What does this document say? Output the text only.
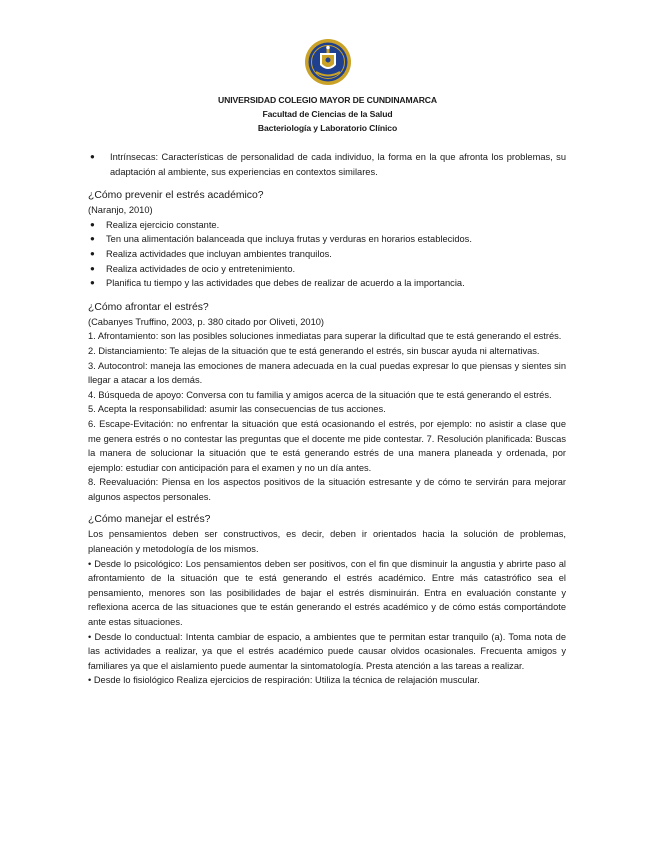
UNIVERSIDAD COLEGIO MAYOR DE CUNDINAMARCA
Facultad de Ciencias de la Salud
Bacteriología y Laboratorio Clínico

● Intrínsecas: Características de personalidad de cada individuo, la forma en la que afronta los problemas, su adaptación al ambiente, sus experiencias en contextos similares.

¿Cómo prevenir el estrés académico?

(Naranjo, 2010)

● Realiza ejercicio constante.

● Ten una alimentación balanceada que incluya frutas y verduras en horarios establecidos.

● Realiza actividades que incluyan ambientes tranquilos.

● Realiza actividades de ocio y entretenimiento.

● Planifica tu tiempo y las actividades que debes de realizar de acuerdo a la importancia.

¿Cómo afrontar el estrés?

(Cabanyes Truffino, 2003, p. 380 citado por Oliveti, 2010)

1. Afrontamiento: son las posibles soluciones inmediatas para superar la dificultad que te está generando el estrés.

2. Distanciamiento: Te alejas de la situación que te está generando el estrés, sin buscar ayuda ni alternativas.

3. Autocontrol: maneja las emociones de manera adecuada en la cual puedas expresar lo que piensas y sientes sin llegar a atacar a los demás.

4. Búsqueda de apoyo: Conversa con tu familia y amigos acerca de la situación que te está generando el estrés.

5. Acepta la responsabilidad: asumir las consecuencias de tus acciones.

6. Escape-Evitación: no enfrentar la situación que está ocasionando el estrés, por ejemplo: no asistir a clase que me genera estrés o no contestar las preguntas que el docente me pide contestar. 7. Resolución planificada: Buscas la manera de solucionar la situación que te está generando estrés de una manera planeada y ordenada, por ejemplo: estudiar con anticipación para el examen y no un día antes.

8. Reevaluación: Piensa en los aspectos positivos de la situación estresante y de cómo te servirán para mejorar algunos aspectos personales.

¿Cómo manejar el estrés?

Los pensamientos deben ser constructivos, es decir, deben ir orientados hacia la solución de problemas, planeación y metodología de los mismos.

• Desde lo psicológico: Los pensamientos deben ser positivos, con el fin que disminuir la angustia y abrirte paso al afrontamiento de la situación que te está generando el estrés académico. Entre más catastrófico sea el pensamiento, menores son las posibilidades de bajar el estrés disminuirán. Entra en evaluación constante y reflexiona acerca de las situaciones que te están generando el estrés académico y de cómo estás comportándote ante estas situaciones.

• Desde lo conductual: Intenta cambiar de espacio, a ambientes que te permitan estar tranquilo (a). Toma nota de las actividades a realizar, ya que el estrés académico puede causar olvidos ocasionales. Frecuenta amigos y familiares ya que el aislamiento puede aumentar la sintomatología. Presta atención a las tareas a realizar.

• Desde lo fisiológico Realiza ejercicios de respiración: Utiliza la técnica de relajación muscular.
